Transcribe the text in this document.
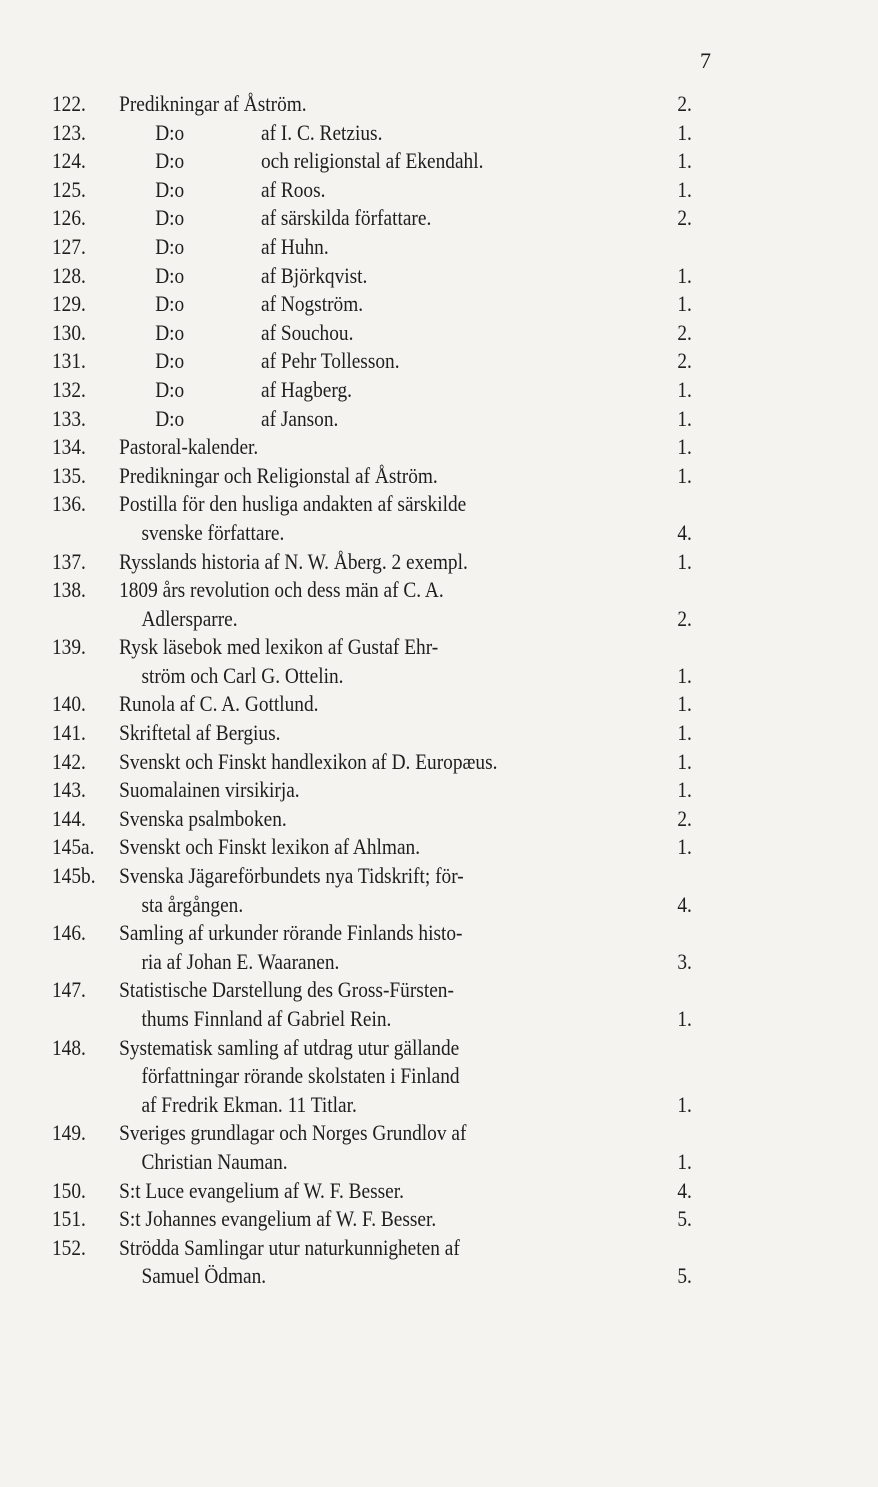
7
122.	Predikningar af Åström.	2.
123.	D:o	af I. C. Retzius.	1.
124.	D:o	och religionstal af Ekendahl.	1.
125.	D:o	af Roos.	1.
126.	D:o	af särskilda författare.	2.
127.	D:o	af Huhn.
128.	D:o	af Björkqvist.	1.
129.	D:o	af Nogström.	1.
130.	D:o	af Souchou.	2.
131.	D:o	af Pehr Tollesson.	2.
132.	D:o	af Hagberg.	1.
133.	D:o	af Janson.	1.
134.	Pastoral-kalender.	1.
135.	Predikningar och Religionstal af Åström.	1.
136.	Postilla för den husliga andakten af särskilde
svenske författare.	4.
137.	Rysslands historia af N. W. Åberg. 2 exempl.	1.
138.	1809 års revolution och dess män af C. A.
Adlersparre.	2.
139.	Rysk läsebok med lexikon af Gustaf Ehr-
ström och Carl G. Ottelin.	1.
140.	Runola af C. A. Gottlund.	1.
141.	Skriftetal af Bergius.	1.
142.	Svenskt och Finskt handlexikon af D. Europæus.	1.
143.	Suomalainen virsikirja.	1.
144.	Svenska psalmboken.	2.
145a.	Svenskt och Finskt lexikon af Ahlman.	1.
145b.	Svenska Jägareförbundets nya Tidskrift; för-
sta årgången.	4.
146.	Samling af urkunder rörande Finlands histo-
ria af Johan E. Waaranen.	3.
147.	Statistische Darstellung des Gross-Fürsten-
thums Finnland af Gabriel Rein.	1.
148.	Systematisk samling af utdrag utur gällande
författningar rörande skolstaten i Finland
af Fredrik Ekman. 11 Titlar.	1.
149.	Sveriges grundlagar och Norges Grundlov af
Christian Nauman.	1.
150.	S:t Luce evangelium af W. F. Besser.	4.
151.	S:t Johannes evangelium af W. F. Besser.	5.
152.	Strödda Samlingar utur naturkunnigheten af
Samuel Ödman.	5.
